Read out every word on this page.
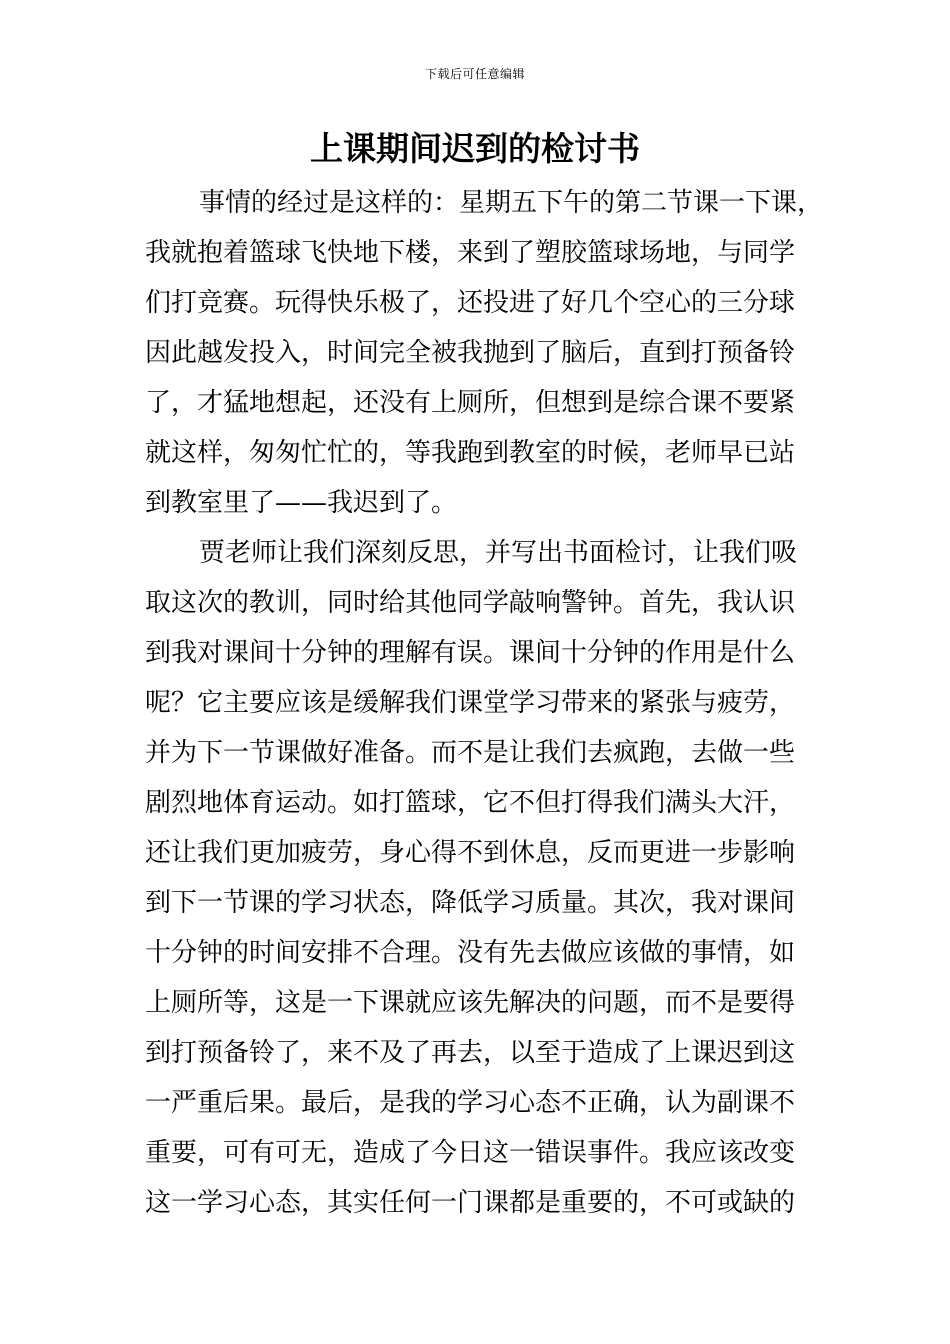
下载后可任意编辑
上课期间迟到的检讨书
事情的经过是这样的：星期五下午的第二节课一下课，
我就抱着篮球飞快地下楼，来到了塑胶篮球场地，与同学
们打竞赛。玩得快乐极了，还投进了好几个空心的三分球
因此越发投入，时间完全被我抛到了脑后，直到打预备铃
了，才猛地想起，还没有上厕所，但想到是综合课不要紧
就这样，匆匆忙忙的，等我跑到教室的时候，老师早已站
到教室里了——我迟到了。
贾老师让我们深刻反思，并写出书面检讨，让我们吸
取这次的教训，同时给其他同学敲响警钟。首先，我认识
到我对课间十分钟的理解有误。课间十分钟的作用是什么
呢？它主要应该是缓解我们课堂学习带来的紧张与疲劳，
并为下一节课做好准备。而不是让我们去疯跑，去做一些
剧烈地体育运动。如打篮球，它不但打得我们满头大汗，
还让我们更加疲劳，身心得不到休息，反而更进一步影响
到下一节课的学习状态，降低学习质量。其次，我对课间
十分钟的时间安排不合理。没有先去做应该做的事情，如
上厕所等，这是一下课就应该先解决的问题，而不是要得
到打预备铃了，来不及了再去，以至于造成了上课迟到这
一严重后果。最后，是我的学习心态不正确，认为副课不
重要，可有可无，造成了今日这一错误事件。我应该改变
这一学习心态，其实任何一门课都是重要的，不可或缺的
